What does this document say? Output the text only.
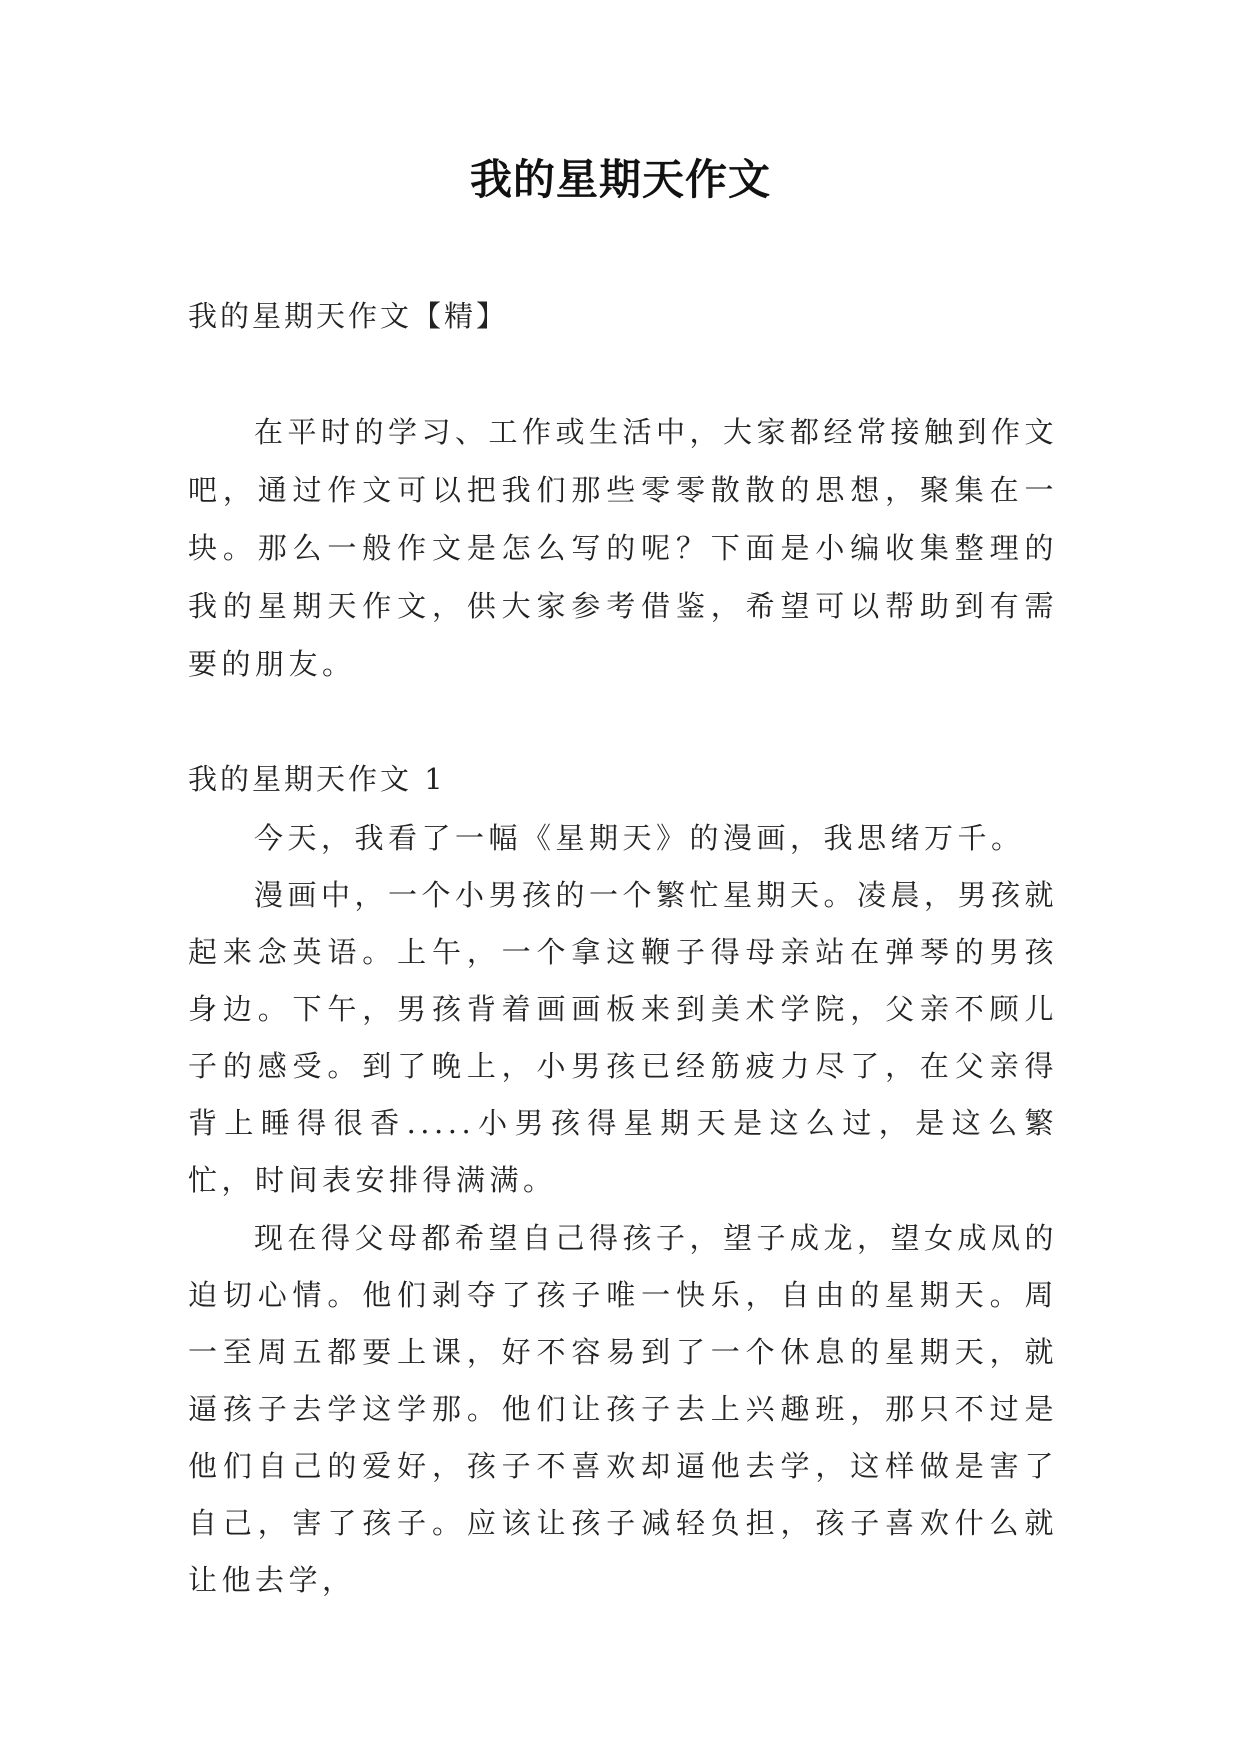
我的星期天作文
我的星期天作文【精】

在平时的学习、工作或生活中，大家都经常接触到作文吧，通过作文可以把我们那些零零散散的思想，聚集在一块。那么一般作文是怎么写的呢？下面是小编收集整理的我的星期天作文，供大家参考借鉴，希望可以帮助到有需要的朋友。

我的星期天作文 1

今天，我看了一幅《星期天》的漫画，我思绪万千。

漫画中，一个小男孩的一个繁忙星期天。凌晨，男孩就起来念英语。上午，一个拿这鞭子得母亲站在弹琴的男孩身边。下午，男孩背着画画板来到美术学院，父亲不顾儿子的感受。到了晚上，小男孩已经筋疲力尽了，在父亲得背上睡得很香.....小男孩得星期天是这么过，是这么繁忙，时间表安排得满满。

现在得父母都希望自己得孩子，望子成龙，望女成凤的迫切心情。他们剥夺了孩子唯一快乐，自由的星期天。周一至周五都要上课，好不容易到了一个休息的星期天，就逼孩子去学这学那。他们让孩子去上兴趣班，那只不过是他们自己的爱好，孩子不喜欢却逼他去学，这样做是害了自己，害了孩子。应该让孩子减轻负担，孩子喜欢什么就让他去学，
